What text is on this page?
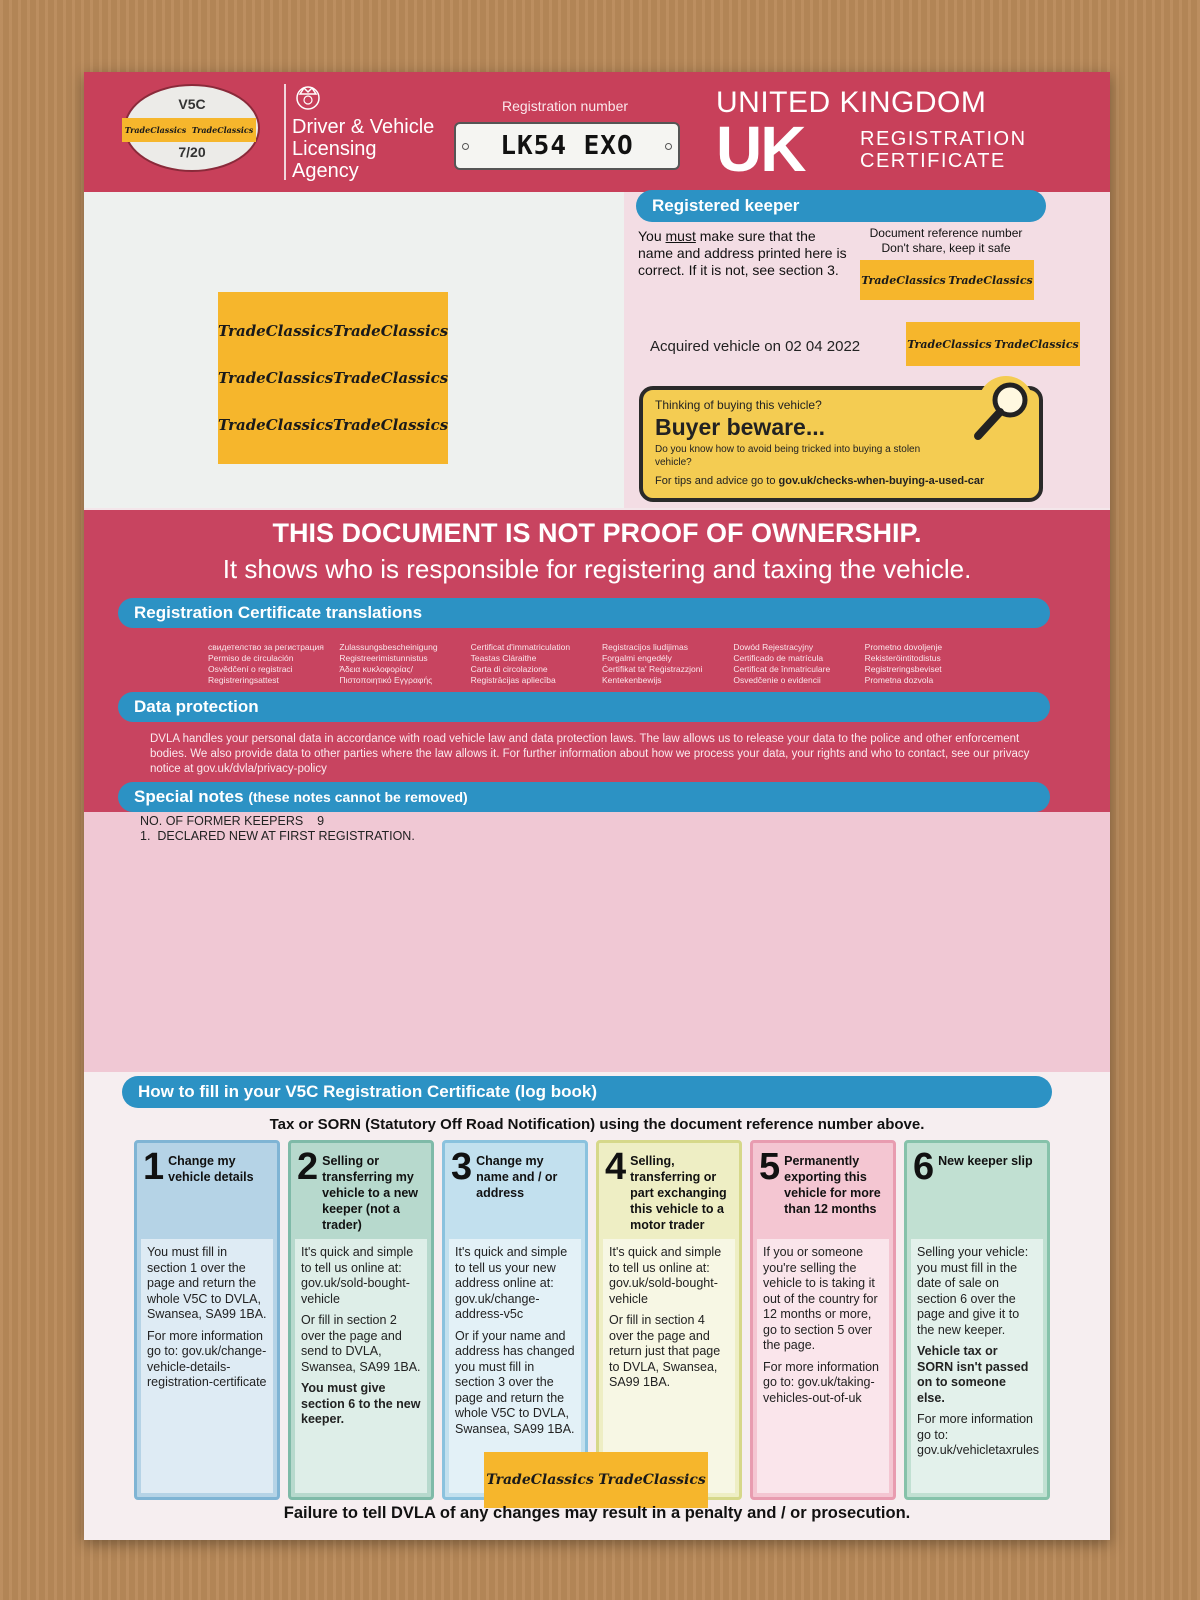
V5C
TradeClassics TradeClassics
7/20
Driver & Vehicle
Licensing
Agency
Registration number
LK54 EXO
UNITED KINGDOM
UK	REGISTRATION
CERTIFICATE
TradeClassics TradeClassics
TradeClassics TradeClassics
TradeClassics TradeClassics
Registered keeper
You must make sure that the name and address printed here is correct. If it is not, see section 3.
Document reference number
Don't share, keep it safe
TradeClassics TradeClassics
Acquired vehicle on 02 04 2022	TradeClassics TradeClassics
Thinking of buying this vehicle?
Buyer beware...
Do you know how to avoid being tricked into buying a stolen vehicle?
For tips and advice go to gov.uk/checks-when-buying-a-used-car
THIS DOCUMENT IS NOT PROOF OF OWNERSHIP.
It shows who is responsible for registering and taxing the vehicle.
Registration Certificate translations
свидетелство за регистрация
Permiso de circulación
Osvědčení o registraci
Registreringsattest
Zulassungsbescheinigung
Registreerimistunnistus
Άδεια κυκλοφορίας/
Πιστοποιητικό Εγγραφής
Certificat d'immatriculation
Teastas Cláraithe
Carta di circolazione
Registrācijas apliecība
Registracijos liudijimas
Forgalmi engedély
Ċertifikat ta' Reġistrazzjoni
Kentekenbewijs
Dowód Rejestracyjny
Certificado de matrícula
Certificat de înmatriculare
Osvedčenie o evidencii
Prometno dovoljenje
Rekisteröintitodistus
Registreringsbeviset
Prometna dozvola
Data protection
DVLA handles your personal data in accordance with road vehicle law and data protection laws. The law allows us to release your data to the police and other enforcement bodies. We also provide data to other parties where the law allows it. For further information about how we process your data, your rights and who to contact, see our privacy notice at gov.uk/dvla/privacy-policy
Special notes (these notes cannot be removed)
NO. OF FORMER KEEPERS    9
1.  DECLARED NEW AT FIRST REGISTRATION.
How to fill in your V5C Registration Certificate (log book)
Tax or SORN (Statutory Off Road Notification) using the document reference number above.
1 Change my vehicle details

You must fill in section 1 over the page and return the whole V5C to DVLA, Swansea, SA99 1BA.

For more information go to: gov.uk/change-vehicle-details-registration-certificate

2 Selling or transferring my vehicle to a new keeper (not a trader)

It's quick and simple to tell us online at: gov.uk/sold-bought-vehicle

Or fill in section 2 over the page and send to DVLA, Swansea, SA99 1BA.

You must give section 6 to the new keeper.

3 Change my name and / or address

It's quick and simple to tell us your new address online at: gov.uk/change-address-v5c

Or if your name and address has changed you must fill in section 3 over the page and return the whole V5C to DVLA, Swansea, SA99 1BA.

4 Selling, transferring or part exchanging this vehicle to a motor trader

It's quick and simple to tell us online at: gov.uk/sold-bought-vehicle

Or fill in section 4 over the page and return just that page to DVLA, Swansea, SA99 1BA.

5 Permanently exporting this vehicle for more than 12 months

If you or someone you're selling the vehicle to is taking it out of the country for 12 months or more, go to section 5 over the page.

For more information go to: gov.uk/taking-vehicles-out-of-uk

6 New keeper slip

Selling your vehicle: you must fill in the date of sale on section 6 over the page and give it to the new keeper.

Vehicle tax or SORN isn't passed on to someone else.

For more information go to: gov.uk/vehicletaxrules

TradeClassics TradeClassics
Failure to tell DVLA of any changes may result in a penalty and / or prosecution.
